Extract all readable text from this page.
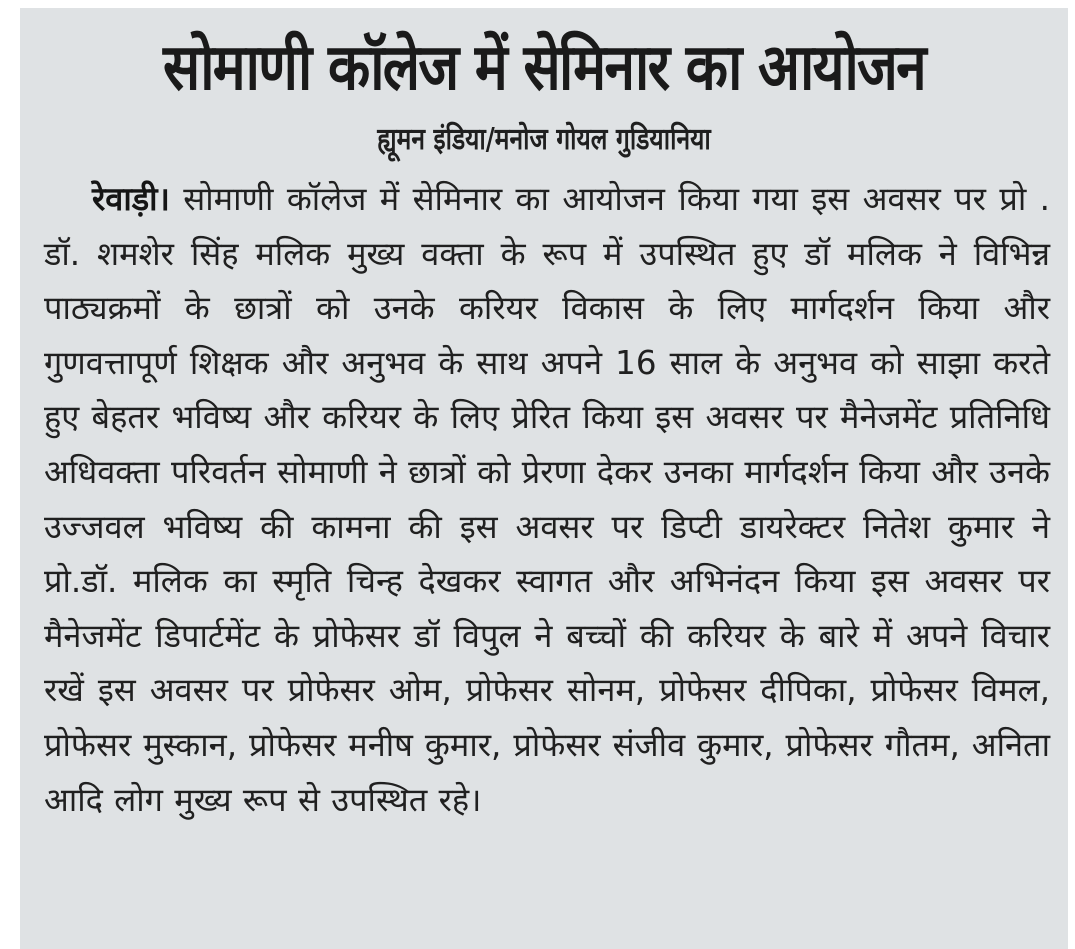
सोमाणी कॉलेज में सेमिनार का आयोजन
ह्यूमन इंडिया/मनोज गोयल गुडियानिया

रेवाड़ी। सोमाणी कॉलेज में सेमिनार का आयोजन किया गया इस अवसर पर प्रो . डॉ. शमशेर सिंह मलिक मुख्य वक्ता के रूप में उपस्थित हुए डॉ मलिक ने विभिन्न पाठ्यक्रमों के छात्रों को उनके करियर विकास के लिए मार्गदर्शन किया और गुणवत्तापूर्ण शिक्षक और अनुभव के साथ अपने 16 साल के अनुभव को साझा करते हुए बेहतर भविष्य और करियर के लिए प्रेरित किया इस अवसर पर मैनेजमेंट प्रतिनिधि अधिवक्ता परिवर्तन सोमाणी ने छात्रों को प्रेरणा देकर उनका मार्गदर्शन किया और उनके उज्जवल भविष्य की कामना की इस अवसर पर डिप्टी डायरेक्टर नितेश कुमार ने प्रो.डॉ. मलिक का स्मृति चिन्ह देखकर स्वागत और अभिनंदन किया इस अवसर पर मैनेजमेंट डिपार्टमेंट के प्रोफेसर डॉ विपुल ने बच्चों की करियर के बारे में अपने विचार रखें इस अवसर पर प्रोफेसर ओम, प्रोफेसर सोनम, प्रोफेसर दीपिका, प्रोफेसर विमल, प्रोफेसर मुस्कान, प्रोफेसर मनीष कुमार, प्रोफेसर संजीव कुमार, प्रोफेसर गौतम, अनिता आदि लोग मुख्य रूप से उपस्थित रहे।
